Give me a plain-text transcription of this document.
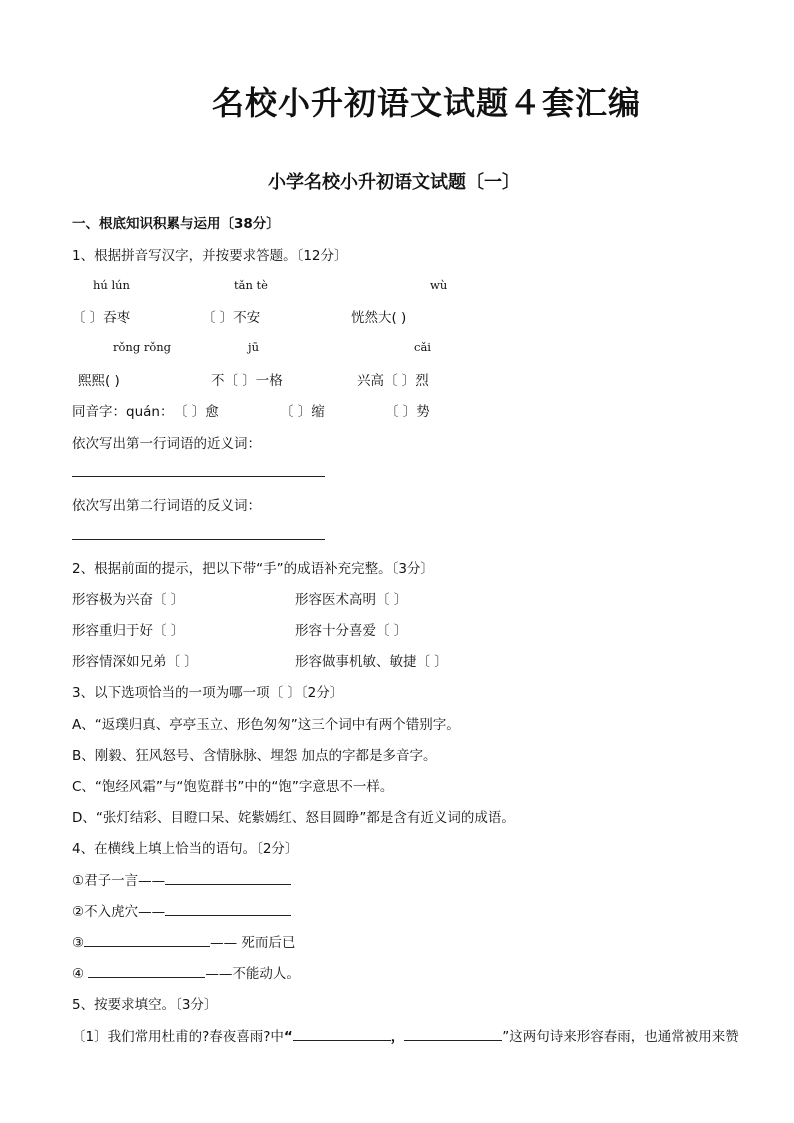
名校小升初语文试题４套汇编
小学名校小升初语文试题〔一〕
一、根底知识积累与运用〔38分〕
1、根据拼音写汉字，并按要求答题。〔12分〕
hú lún	tǎn tè	wù
〔 〕吞枣	〔 〕不安	恍然大( )
rǒng rǒng	jū	cǎi
熙熙( )	不〔 〕一格	兴高〔 〕烈
同音字：quán： 〔 〕愈	〔 〕缩	〔 〕势
依次写出第一行词语的近义词：
依次写出第二行词语的反义词：
2、根据前面的提示，把以下带“手”的成语补充完整。〔3分〕
形容极为兴奋〔 〕	形容医术高明〔 〕
形容重归于好〔 〕	形容十分喜爱〔 〕
形容情深如兄弟〔 〕	形容做事机敏、敏捷〔 〕
3、以下选项恰当的一项为哪一项〔 〕〔2分〕
A、“返璞归真、亭亭玉立、形色匆匆”这三个词中有两个错别字。
B、刚毅、狂风怒号、含情脉脉、埋怨 加点的字都是多音字。
C、“饱经风霜”与“饱览群书”中的“饱”字意思不一样。
D、“张灯结彩、目瞪口呆、姹紫嫣红、怒目圆睁”都是含有近义词的成语。
4、在横线上填上恰当的语句。〔2分〕
①君子一言——
②不入虎穴——
③	—— 死而后已
④	——不能动人。
5、按要求填空。〔3分〕
〔1〕我们常用杜甫的?春夜喜雨?中“	，	”这两句诗来形容春雨，也通常被用来赞
